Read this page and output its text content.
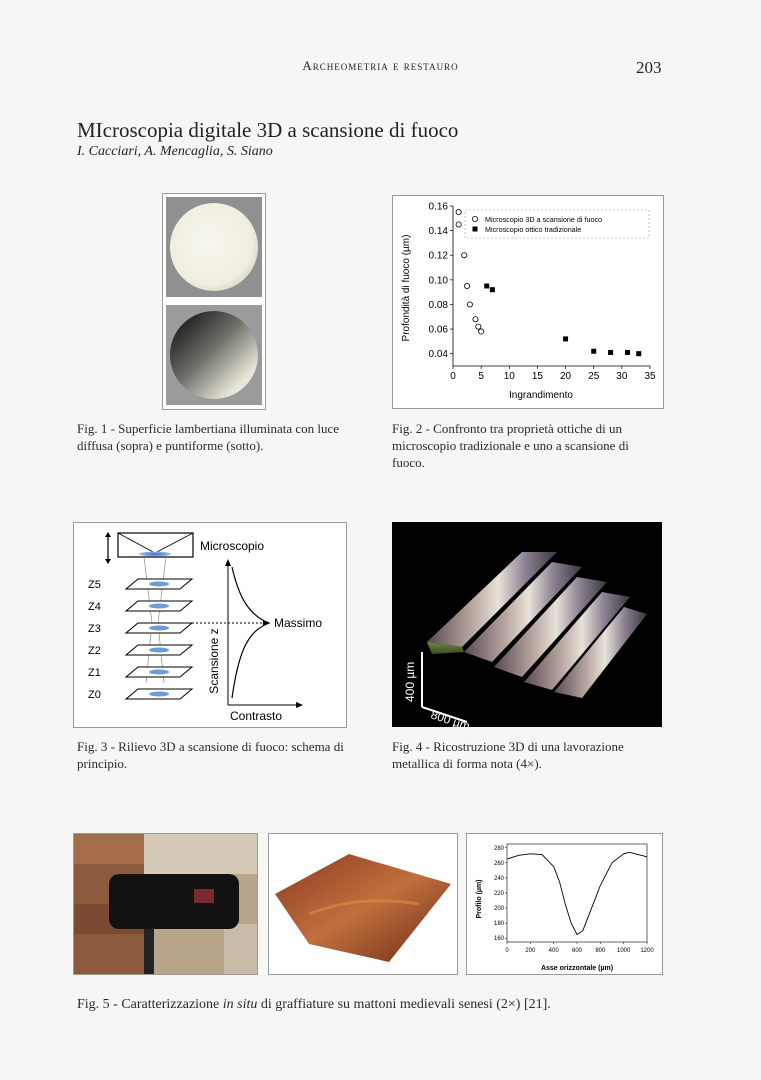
Archeometria e restauro	203
MIcroscopia digitale 3D a scansione di fuoco
I. Cacciari, A. Mencaglia, S. Siano
Fig. 1 - Superficie lambertiana illuminata con luce diffusa (sopra) e puntiforme (sotto).
0 5 10 15 20 25 30 35
0.04
0.06
0.08
0.10
0.12
0.14
0.16
Microscopio 3D a scansione di fuoco
Microscopio ottico tradizionale
Ingrandimento
Profondità di fuoco (µm)
Fig. 2 - Confronto tra proprietà ottiche di un microscopio tradizionale e uno a scansione di fuoco.
Microscopio
Z5
Z4
Z3
Z2
Z1
Z0
Massimo
Scansione z
Contrasto
Fig. 3 - Rilievo 3D a scansione di fuoco: schema di principio.
400 µm
800 µm
Fig. 4 - Ricostruzione 3D di una lavorazione metallica di forma nota (4×).
0	200 400 600 800 1000 1200
160
180
200
220
240
260
280
Asse orizzontale (µm)
Profilo (µm)
Fig. 5 - Caratterizzazione in situ di graffiature su mattoni medievali senesi (2×) [21].
